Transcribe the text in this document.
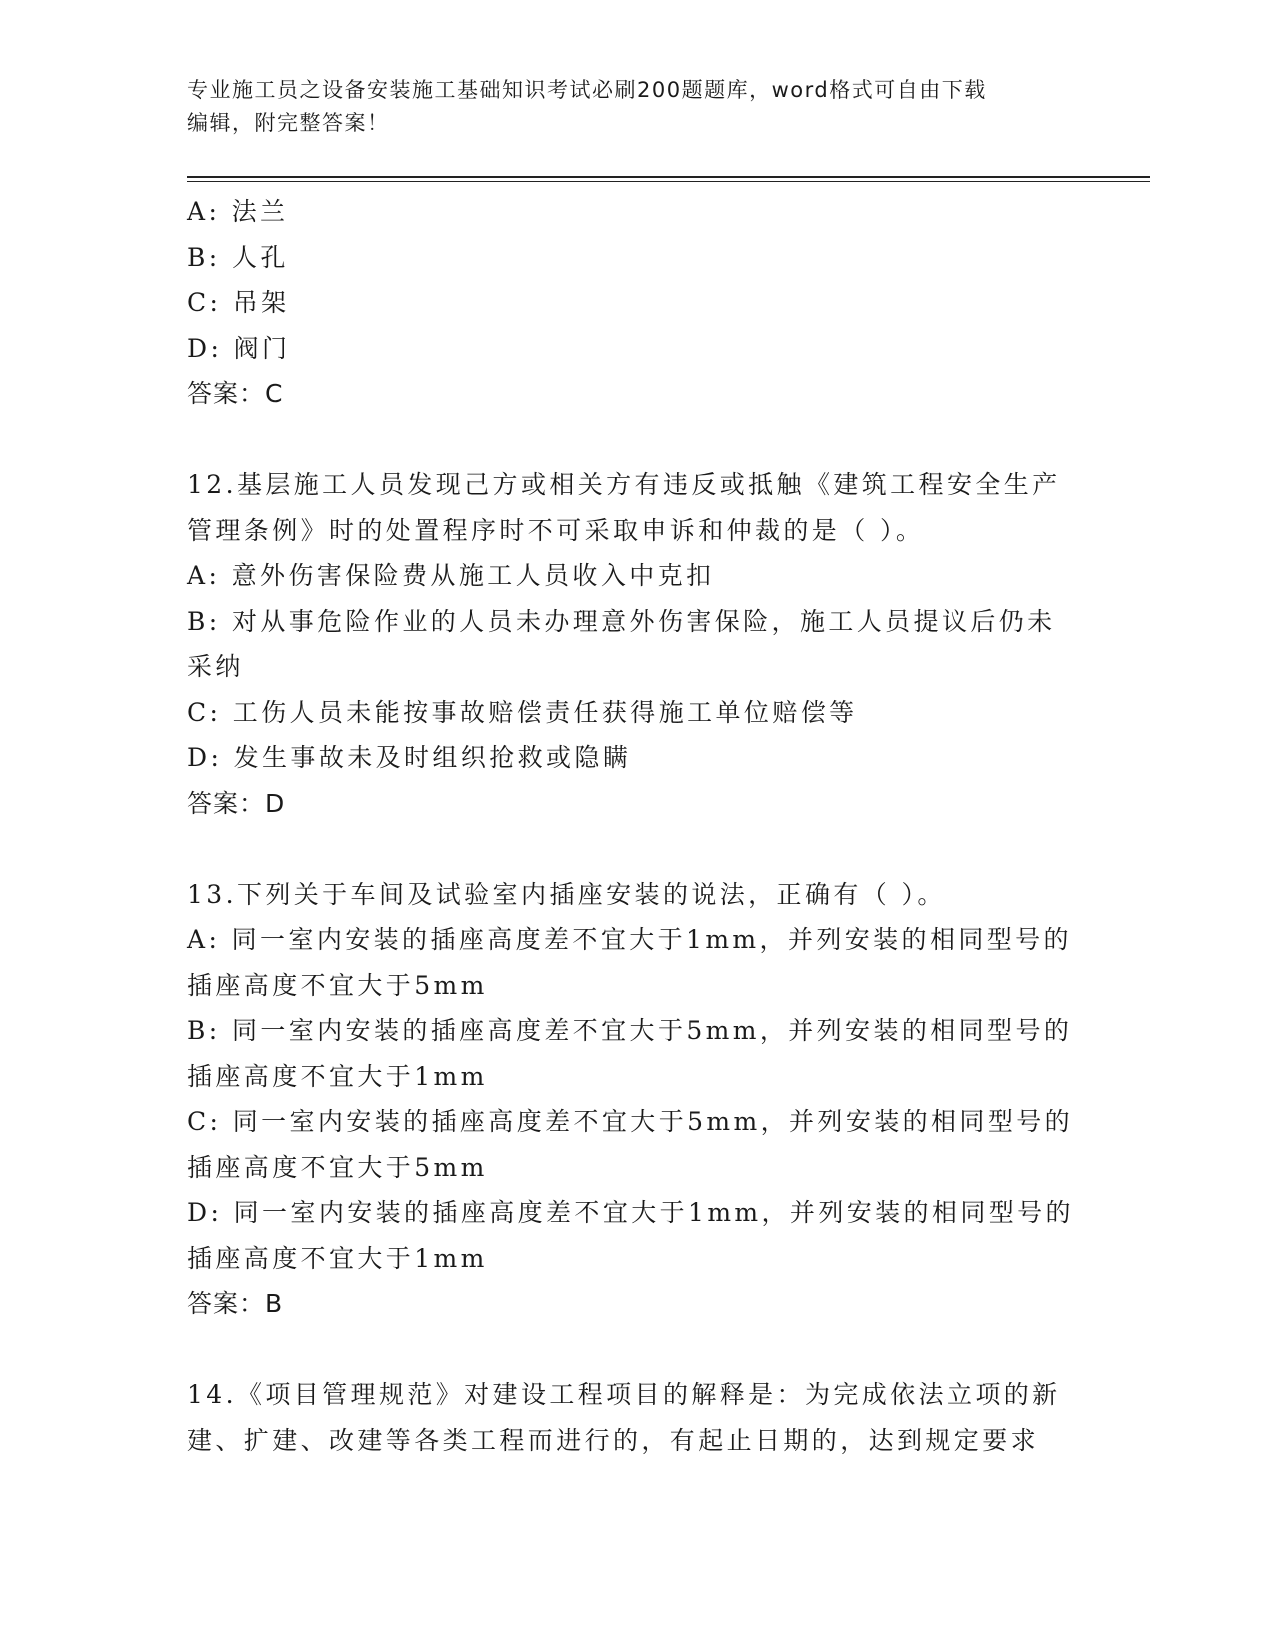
专业施工员之设备安装施工基础知识考试必刷200题题库，word格式可自由下载
编辑，附完整答案！
A: 法兰
B: 人孔
C: 吊架
D: 阀门
答案：C
12.基层施工人员发现己方或相关方有违反或抵触《建筑工程安全生产
管理条例》时的处置程序时不可采取申诉和仲裁的是（ ）。
A: 意外伤害保险费从施工人员收入中克扣
B: 对从事危险作业的人员未办理意外伤害保险，施工人员提议后仍未
采纳
C: 工伤人员未能按事故赔偿责任获得施工单位赔偿等
D: 发生事故未及时组织抢救或隐瞒
答案：D
13.下列关于车间及试验室内插座安装的说法，正确有（ ）。
A: 同一室内安装的插座高度差不宜大于1mm，并列安装的相同型号的
插座高度不宜大于5mm
B: 同一室内安装的插座高度差不宜大于5mm，并列安装的相同型号的
插座高度不宜大于1mm
C: 同一室内安装的插座高度差不宜大于5mm，并列安装的相同型号的
插座高度不宜大于5mm
D: 同一室内安装的插座高度差不宜大于1mm，并列安装的相同型号的
插座高度不宜大于1mm
答案：B
14.《项目管理规范》对建设工程项目的解释是：为完成依法立项的新
建、扩建、改建等各类工程而进行的，有起止日期的，达到规定要求
